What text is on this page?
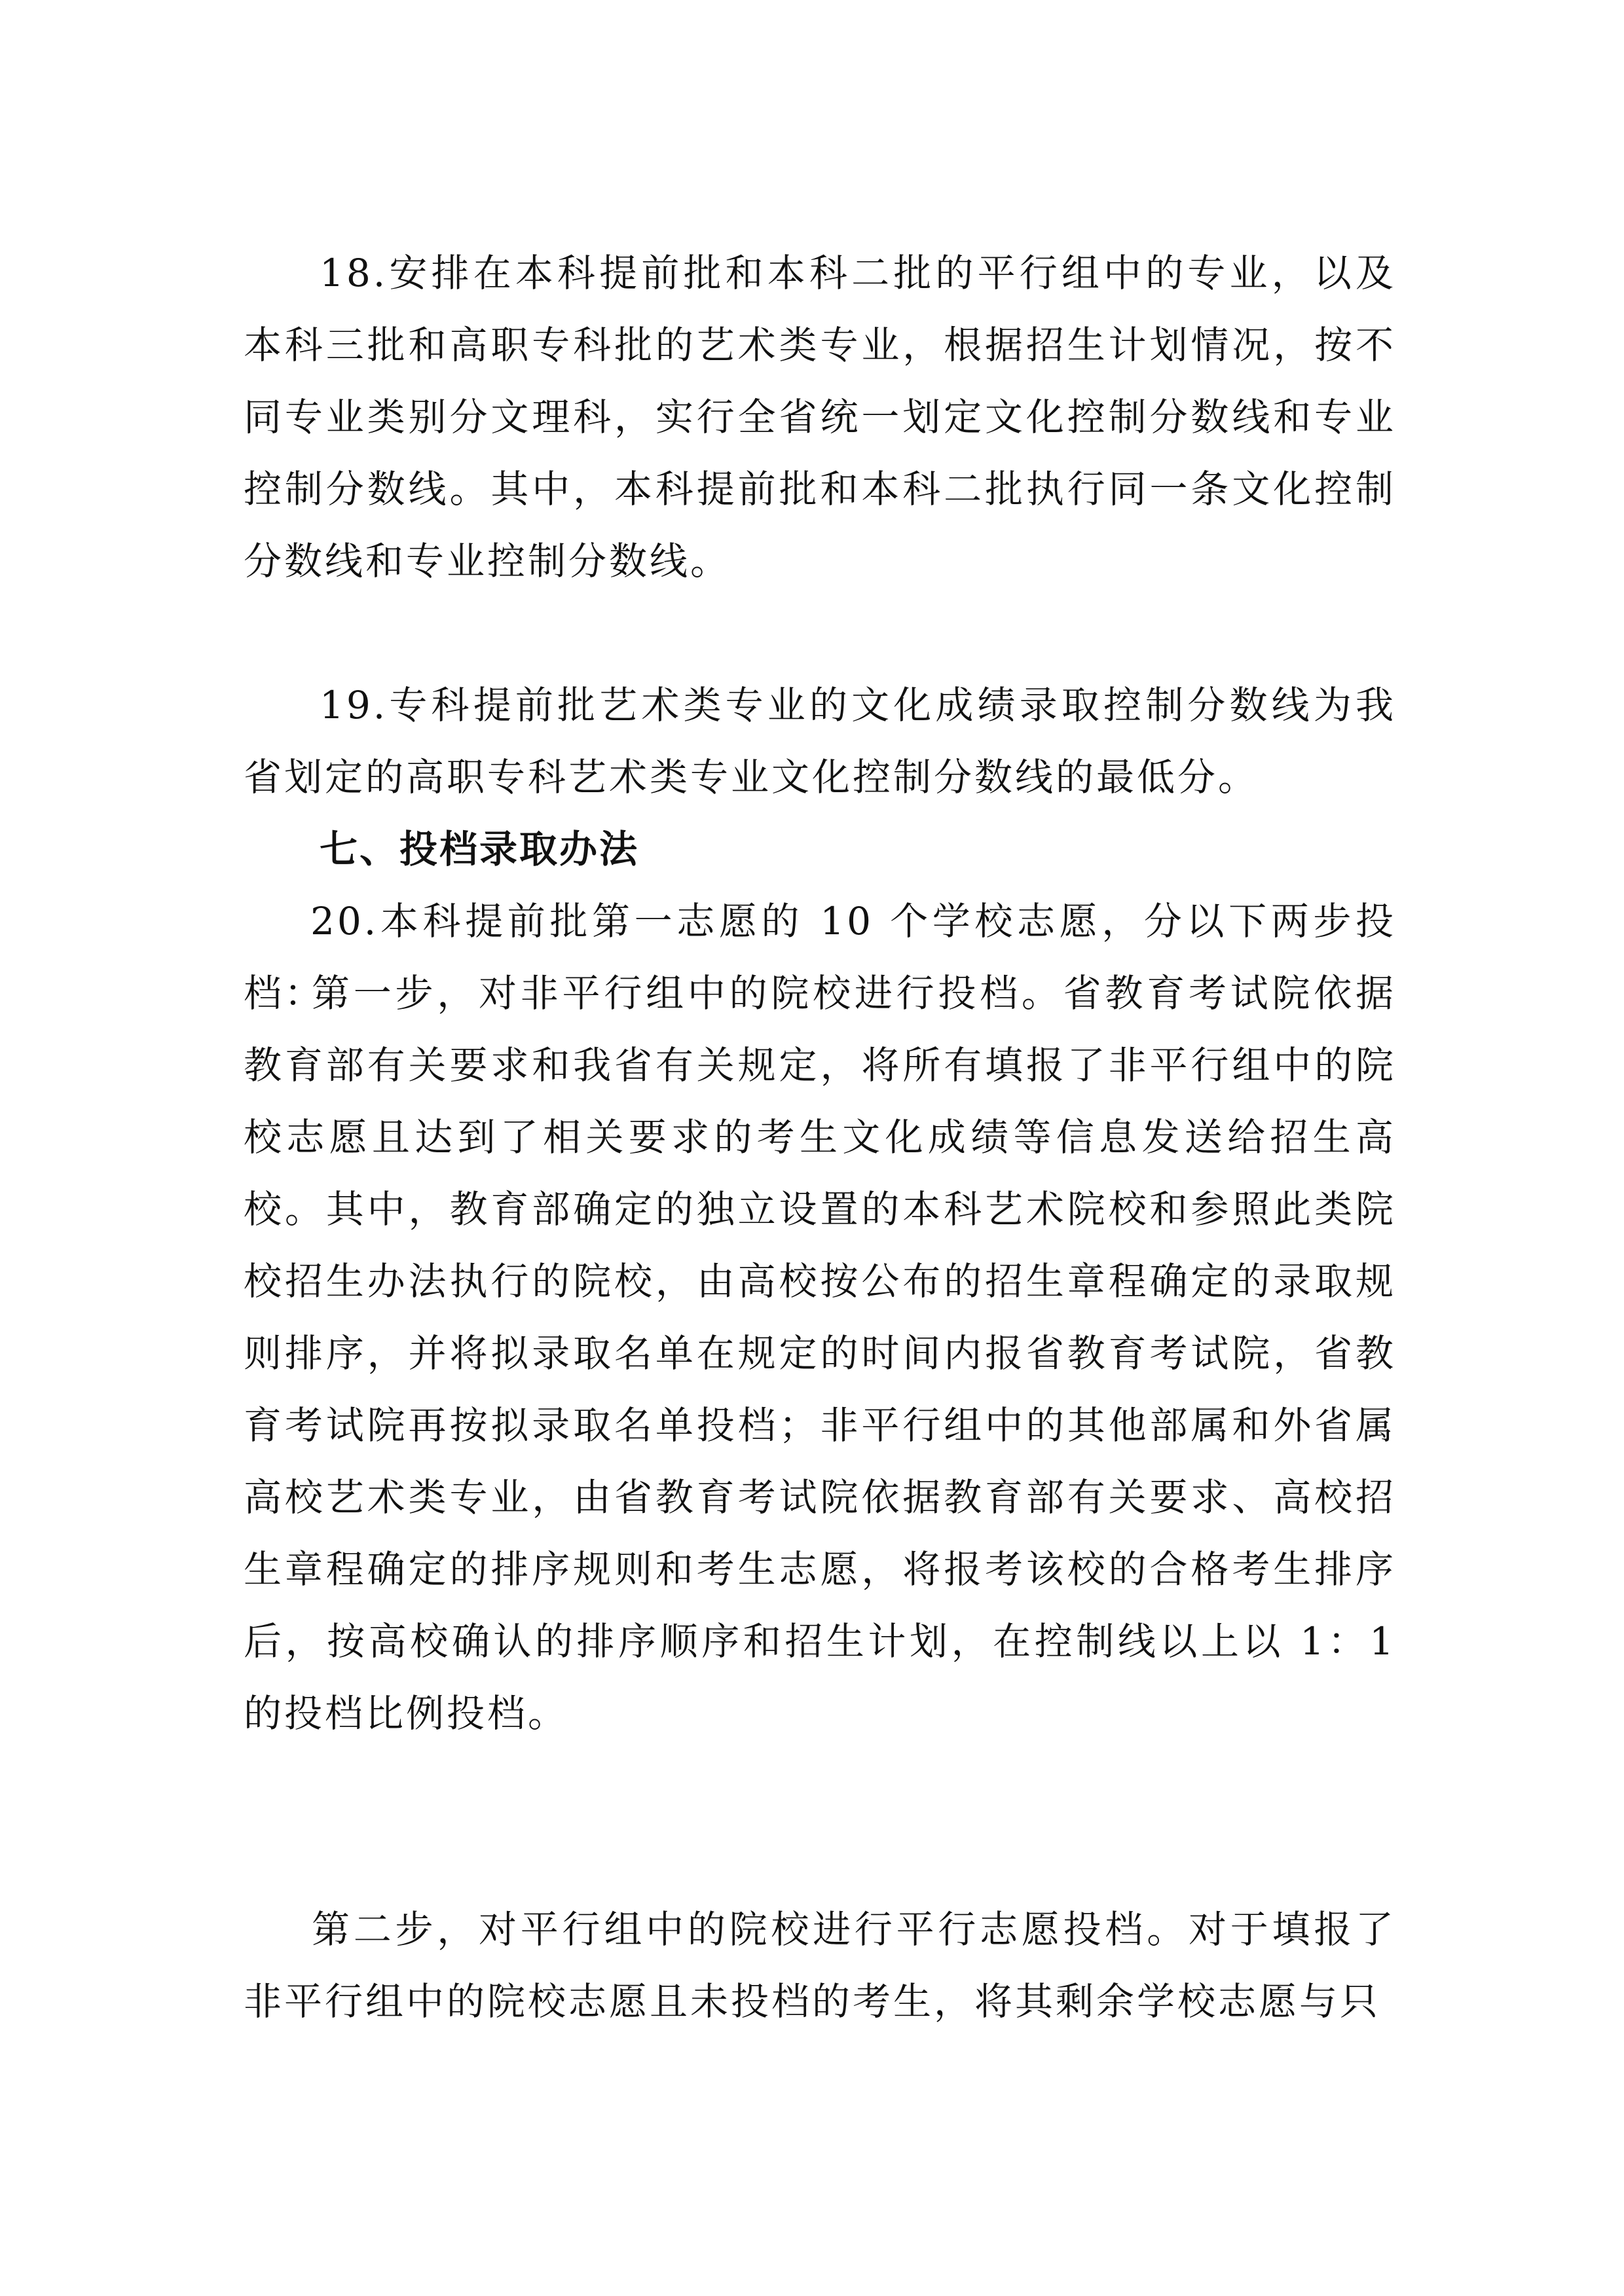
18.安排在本科提前批和本科二批的平行组中的专业，以及本科三批和高职专科批的艺术类专业，根据招生计划情况，按不同专业类别分文理科，实行全省统一划定文化控制分数线和专业控制分数线。其中，本科提前批和本科二批执行同一条文化控制分数线和专业控制分数线。

19.专科提前批艺术类专业的文化成绩录取控制分数线为我省划定的高职专科艺术类专业文化控制分数线的最低分。

七、投档录取办法

20.本科提前批第一志愿的 10 个学校志愿，分以下两步投档：

第一步，对非平行组中的院校进行投档。省教育考试院依据教育部有关要求和我省有关规定，将所有填报了非平行组中的院校志愿且达到了相关要求的考生文化成绩等信息发送给招生高校。其中，教育部确定的独立设置的本科艺术院校和参照此类院校招生办法执行的院校，由高校按公布的招生章程确定的录取规则排序，并将拟录取名单在规定的时间内报省教育考试院，省教育考试院再按拟录取名单投档；非平行组中的其他部属和外省属高校艺术类专业，由省教育考试院依据教育部有关要求、高校招生章程确定的排序规则和考生志愿，将报考该校的合格考生排序后，按高校确认的排序顺序和招生计划，在控制线以上以 1：1 的投档比例投档。

第二步，对平行组中的院校进行平行志愿投档。对于填报了非平行组中的院校志愿且未投档的考生，将其剩余学校志愿与只
